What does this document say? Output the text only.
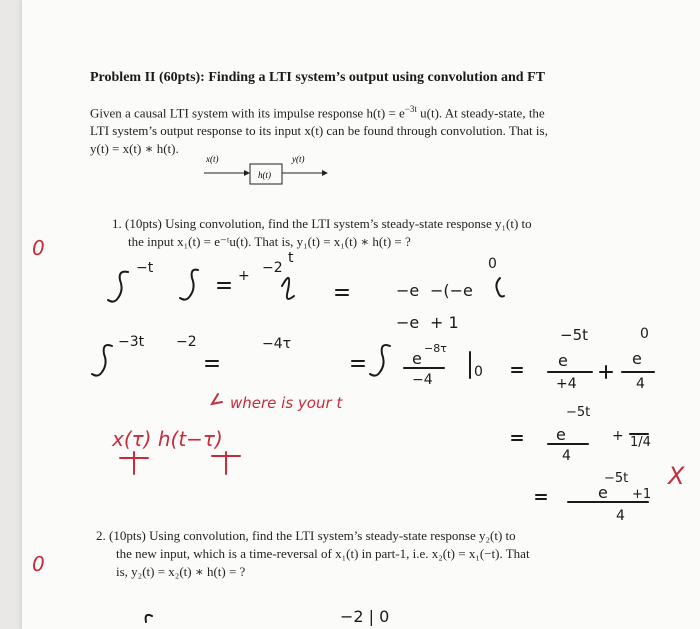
Problem II (60pts): Finding a LTI system’s output using convolution and FT
Given a causal LTI system with its impulse response $h(t) = e^{-3t}$ u(t). At steady-state, the
LTI system’s output response to its input x(t) can be found through convolution. That is,
y(t) = x(t) ∗ h(t).
x(t)
h(t)
y(t)
1. (10pts) Using convolution, find the LTI system’s steady-state response y₁(t) to
the input x₁(t) = e⁻ᵗu(t). That is, y₁(t) = x₁(t) ∗ h(t) = ?
2. (10pts) Using convolution, find the LTI system’s steady-state response y₂(t) to
the new input, which is a time-reversal of x₁(t) in part-1, i.e. x₂(t) = x₁(−t). That
is, y₂(t) = x₂(t) ∗ h(t) = ?
0
0
−t	+ −2
t
−e −(−e
0
−e + 1
−5t	0
−3t −2	−4τ
e
−8τ
−4	0
e
+4
e
4
e
−5t
4
+ 1/4
e
−5t
+1
4
−2 | 0
where is your t
x(τ) h(t−τ)
X
